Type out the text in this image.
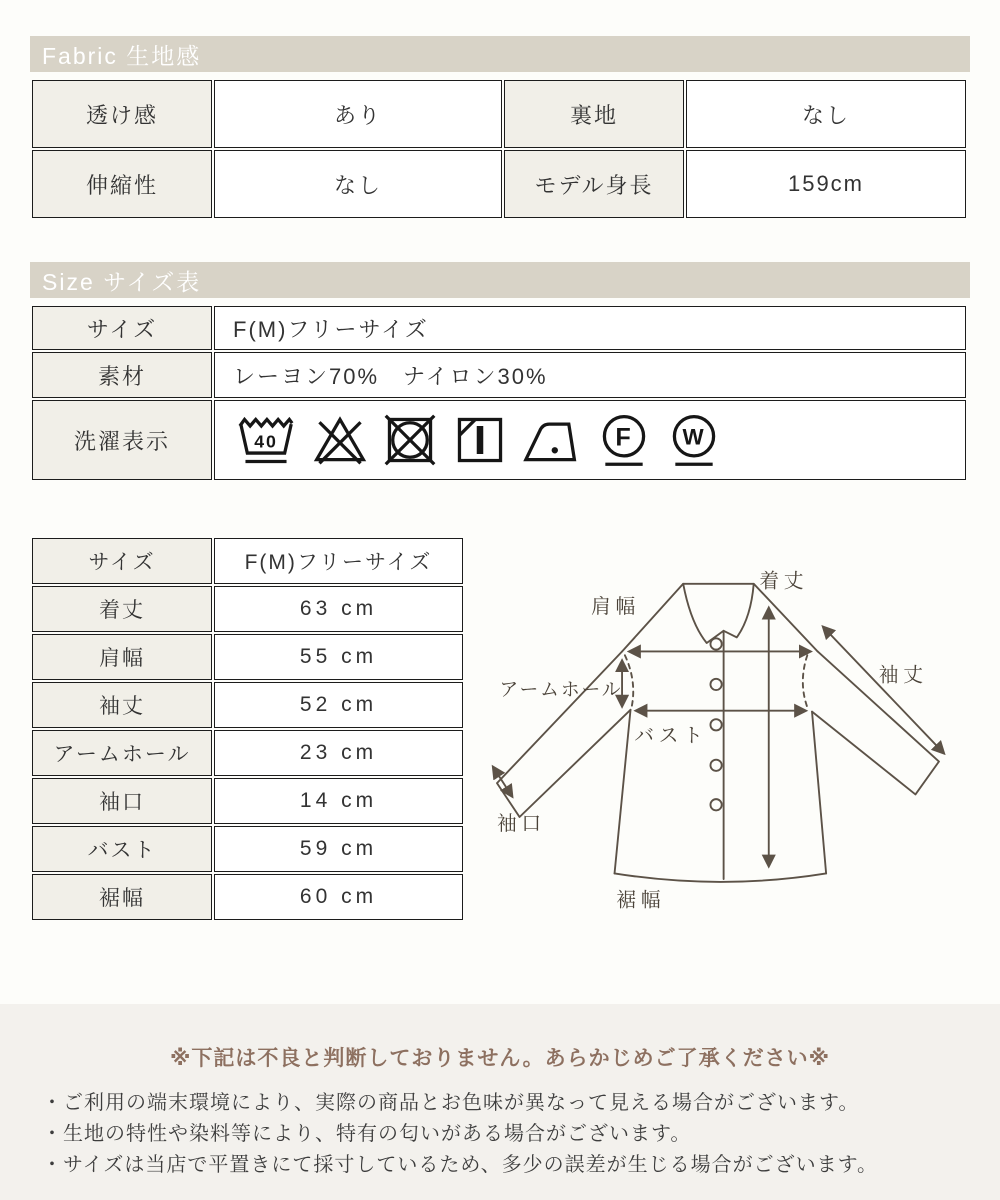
Fabric 生地感
透け感	あり	裏地	なし
伸縮性	なし	モデル身長	159cm
Size サイズ表
サイズ	F(M)フリーサイズ
素材	レーヨン70%　ナイロン30%
洗濯表示	40 F W
サイズ	F(M)フリーサイズ
着丈	63 cm
肩幅	55 cm
袖丈	52 cm
アームホール	23 cm
袖口	14 cm
バスト	59 cm
裾幅	60 cm
肩幅
着丈
袖丈
アームホール
バスト
袖口
裾幅
※下記は不良と判断しておりません。あらかじめご了承ください※
・ご利用の端末環境により、実際の商品とお色味が異なって見える場合がございます。
・生地の特性や染料等により、特有の匂いがある場合がございます。
・サイズは当店で平置きにて採寸しているため、多少の誤差が生じる場合がございます。
